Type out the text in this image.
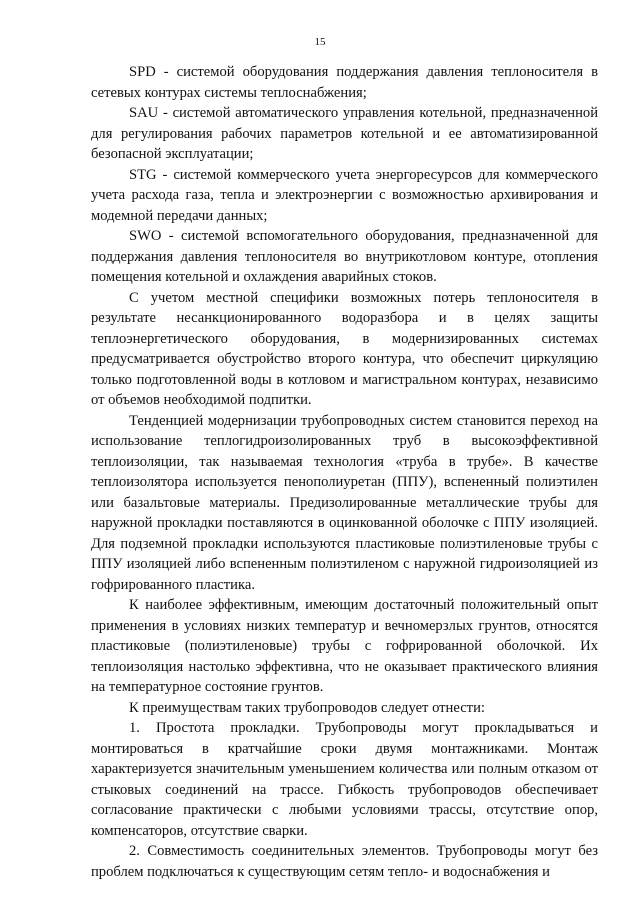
15

SPD - системой оборудования поддержания давления теплоносителя в сетевых контурах системы теплоснабжения;

SAU - системой автоматического управления котельной, предназначенной для регулирования рабочих параметров котельной и ее автоматизированной безопасной эксплуатации;

STG - системой коммерческого учета энергоресурсов для коммерческого учета расхода газа, тепла и электроэнергии с возможностью архивирования и модемной передачи данных;

SWO - системой вспомогательного оборудования, предназначенной для поддержания давления теплоносителя во внутрикотловом контуре, отопления помещения котельной и охлаждения аварийных стоков.

С учетом местной специфики возможных потерь теплоносителя в результате несанкционированного водоразбора и в целях защиты теплоэнергетического оборудования, в модернизированных системах предусматривается обустройство второго контура, что обеспечит циркуляцию только подготовленной воды в котловом и магистральном контурах, независимо от объемов необходимой подпитки.

Тенденцией модернизации трубопроводных систем становится переход на использование теплогидроизолированных труб в высокоэффективной теплоизоляции, так называемая технология «труба в трубе». В качестве теплоизолятора используется пенополиуретан (ППУ), вспененный полиэтилен или базальтовые материалы. Предизолированные металлические трубы для наружной прокладки поставляются в оцинкованной оболочке с ППУ изоляцией. Для подземной прокладки используются пластиковые полиэтиленовые трубы с ППУ изоляцией либо вспененным полиэтиленом с наружной гидроизоляцией из гофрированного пластика.

К наиболее эффективным, имеющим достаточный положительный опыт применения в условиях низких температур и вечномерзлых грунтов, относятся пластиковые (полиэтиленовые) трубы с гофрированной оболочкой. Их теплоизоляция настолько эффективна, что не оказывает практического влияния на температурное состояние грунтов.

К преимуществам таких трубопроводов следует отнести:

1. Простота прокладки. Трубопроводы могут прокладываться и монтироваться в кратчайшие сроки двумя монтажниками. Монтаж характеризуется значительным уменьшением количества или полным отказом от стыковых соединений на трассе. Гибкость трубопроводов обеспечивает согласование практически с любыми условиями трассы, отсутствие опор, компенсаторов, отсутствие сварки.

2. Совместимость соединительных элементов. Трубопроводы могут без проблем подключаться к существующим сетям тепло- и водоснабжения и
